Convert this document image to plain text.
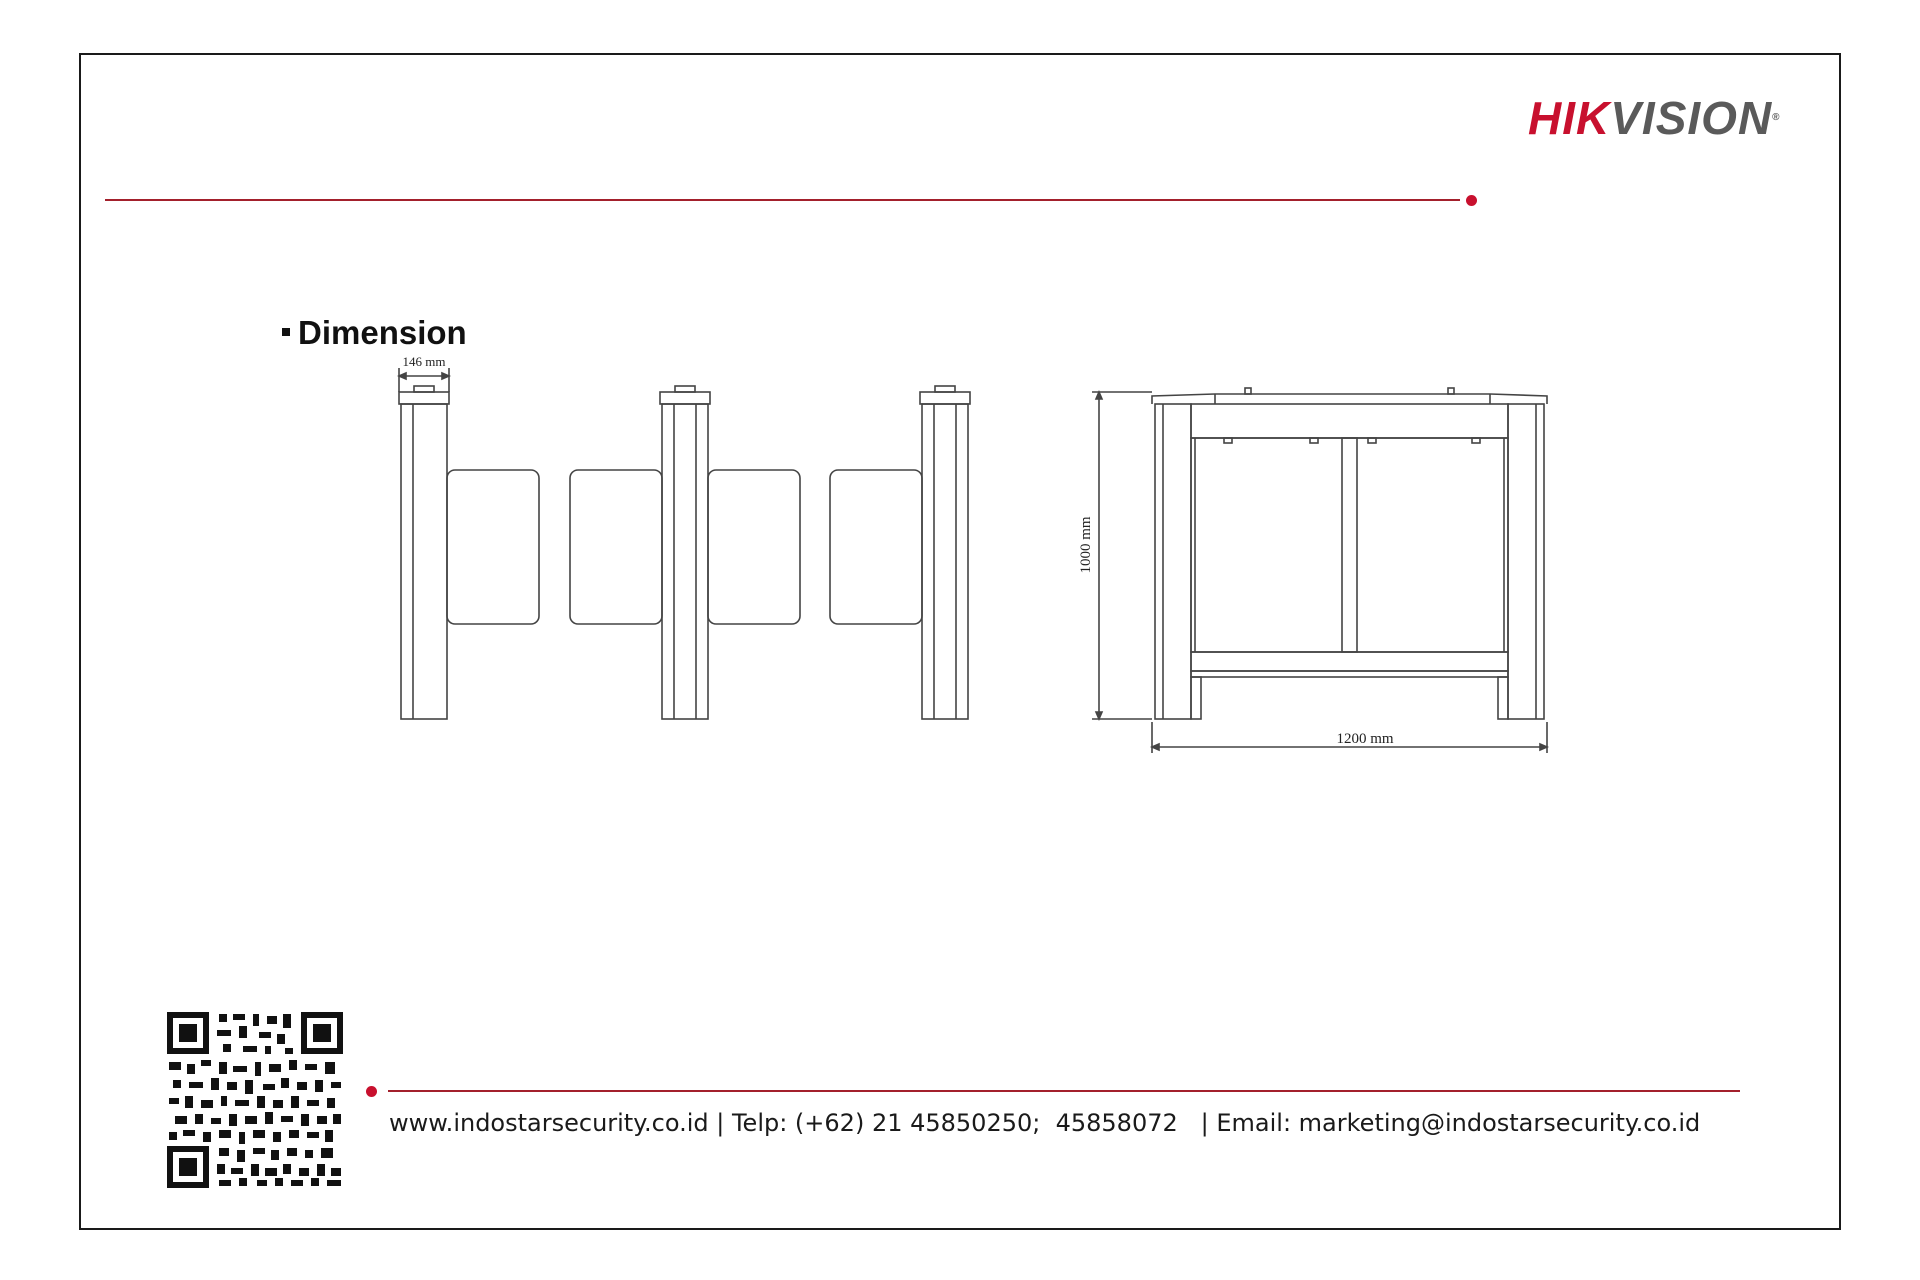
HIKVISION®
Dimension
146 mm
1000 mm
1200 mm
www.indostarsecurity.co.id | Telp: (+62) 21 45850250;  45858072   | Email: marketing@indostarsecurity.co.id
